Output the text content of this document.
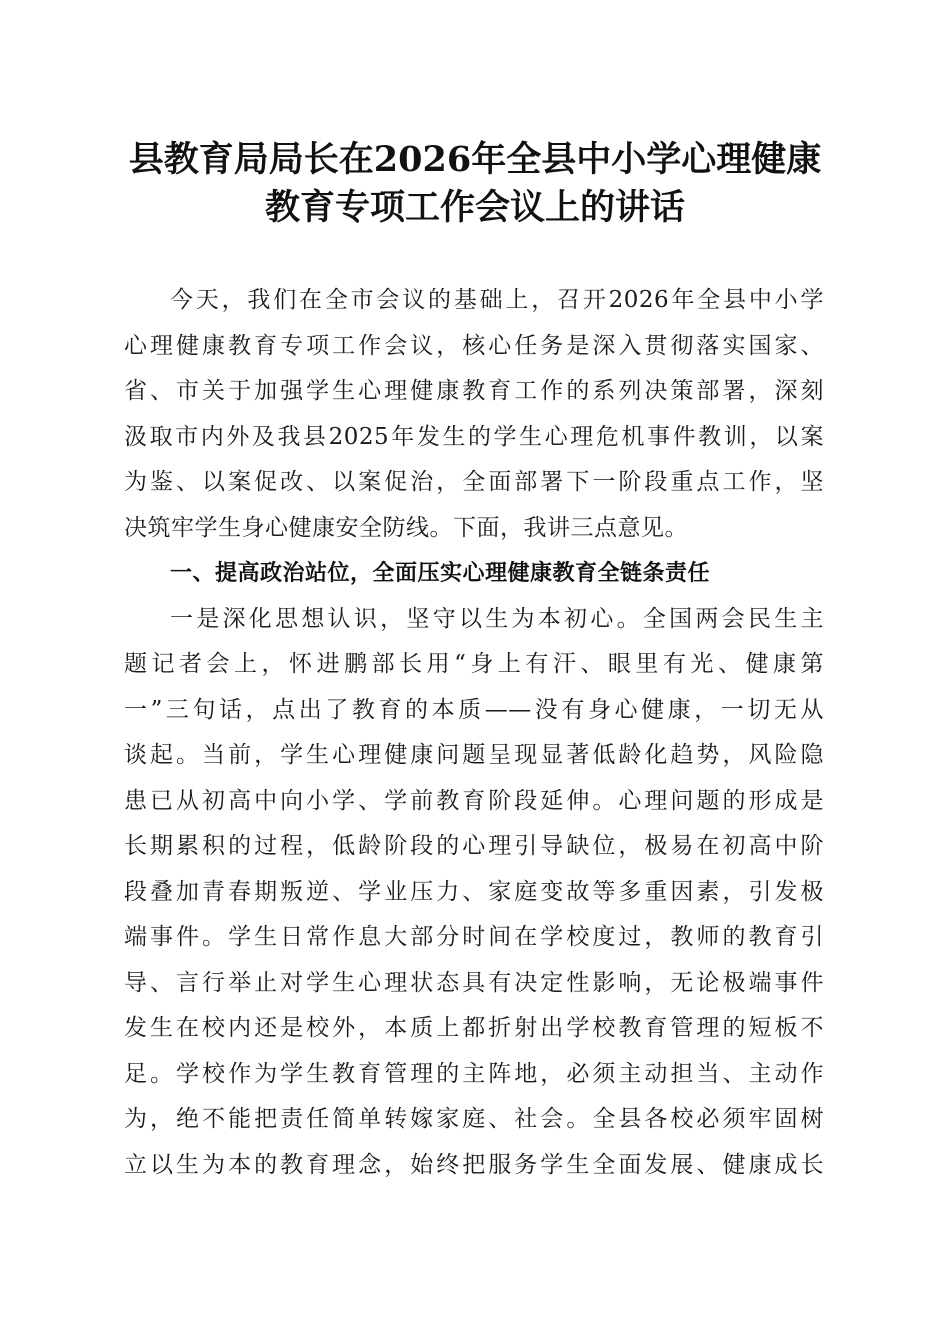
县教育局局长在2026年全县中小学心理健康
教育专项工作会议上的讲话
今天，我们在全市会议的基础上，召开2026年全县中小学
心理健康教育专项工作会议，核心任务是深入贯彻落实国家、
省、市关于加强学生心理健康教育工作的系列决策部署，深刻
汲取市内外及我县2025年发生的学生心理危机事件教训，以案
为鉴、以案促改、以案促治，全面部署下一阶段重点工作，坚
决筑牢学生身心健康安全防线。下面，我讲三点意见。
一、提高政治站位，全面压实心理健康教育全链条责任
一是深化思想认识，坚守以生为本初心。全国两会民生主
题记者会上，怀进鹏部长用“身上有汗、眼里有光、健康第
一”三句话，点出了教育的本质——没有身心健康，一切无从
谈起。当前，学生心理健康问题呈现显著低龄化趋势，风险隐
患已从初高中向小学、学前教育阶段延伸。心理问题的形成是
长期累积的过程，低龄阶段的心理引导缺位，极易在初高中阶
段叠加青春期叛逆、学业压力、家庭变故等多重因素，引发极
端事件。学生日常作息大部分时间在学校度过，教师的教育引
导、言行举止对学生心理状态具有决定性影响，无论极端事件
发生在校内还是校外，本质上都折射出学校教育管理的短板不
足。学校作为学生教育管理的主阵地，必须主动担当、主动作
为，绝不能把责任简单转嫁家庭、社会。全县各校必须牢固树
立以生为本的教育理念，始终把服务学生全面发展、健康成长
